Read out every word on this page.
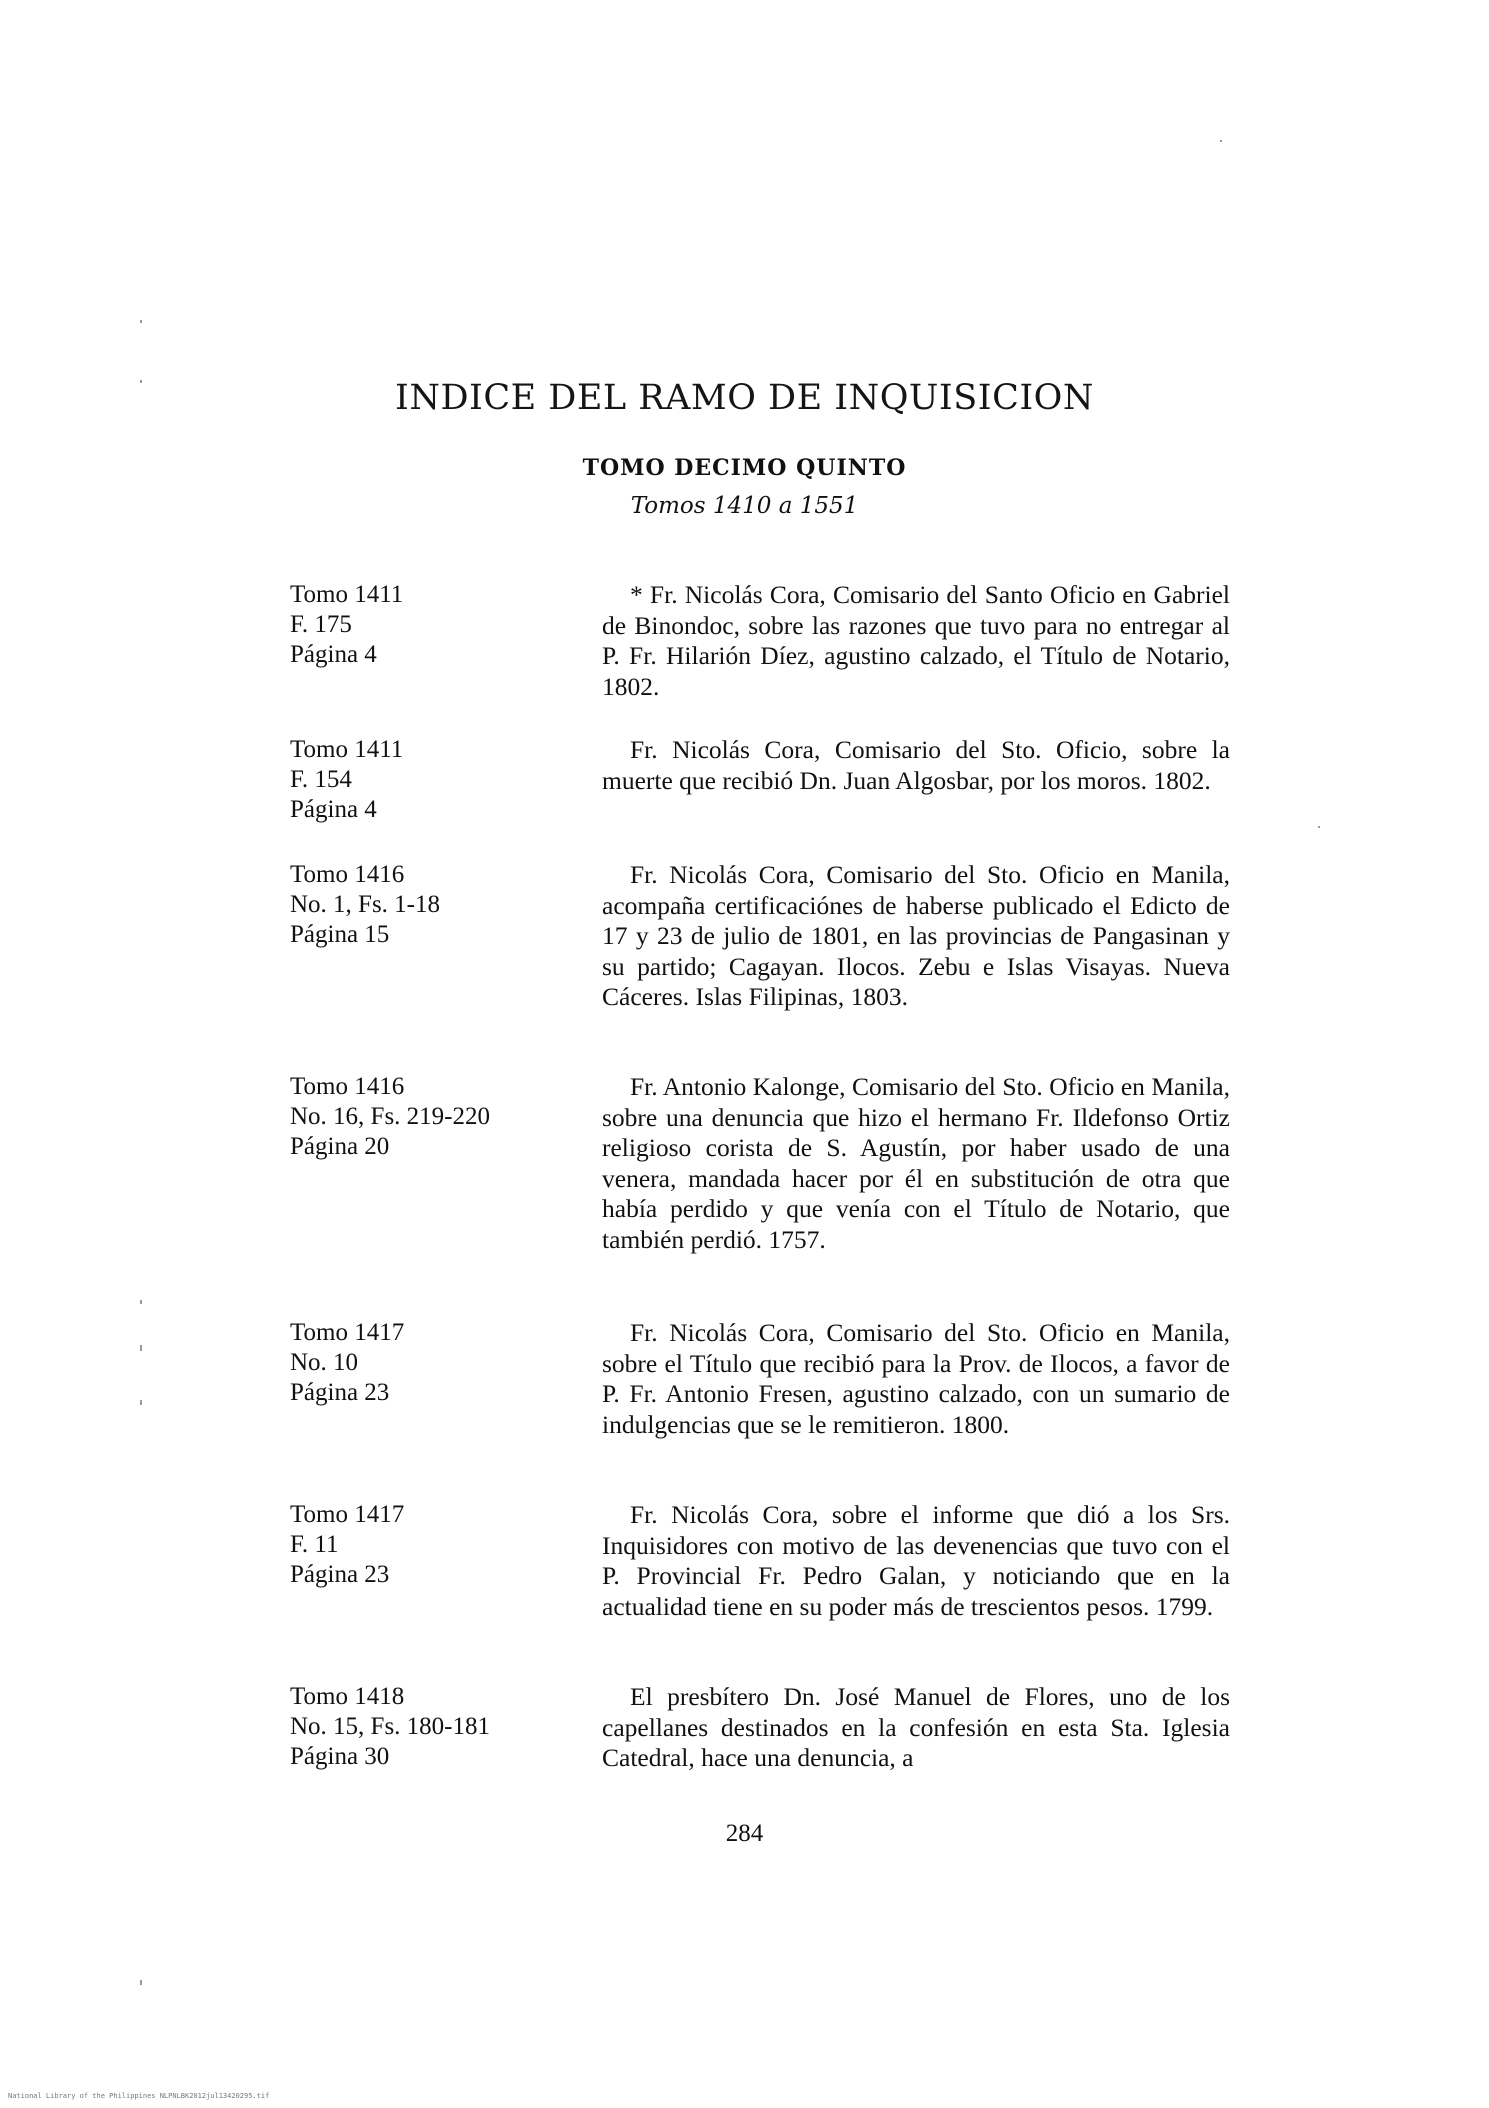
INDICE DEL RAMO DE INQUISICION
TOMO DECIMO QUINTO
Tomos 1410 a 1551
Tomo 1411
F. 175
Página 4
* Fr. Nicolás Cora, Comisario del Santo Oficio en Gabriel de Binondoc, sobre las razones que tuvo para no entregar al P. Fr. Hilarión Díez, agustino calzado, el Título de Notario, 1802.
Tomo 1411
F. 154
Página 4
Fr. Nicolás Cora, Comisario del Sto. Oficio, sobre la muerte que recibió Dn. Juan Algosbar, por los moros. 1802.
Tomo 1416
No. 1, Fs. 1-18
Página 15
Fr. Nicolás Cora, Comisario del Sto. Oficio en Manila, acompaña certificaciónes de haberse publicado el Edicto de 17 y 23 de julio de 1801, en las provincias de Pangasinan y su partido; Cagayan. Ilocos. Zebu e Islas Visayas. Nueva Cáceres. Islas Filipinas, 1803.
Tomo 1416
No. 16, Fs. 219-220
Página 20
Fr. Antonio Kalonge, Comisario del Sto. Oficio en Manila, sobre una denuncia que hizo el hermano Fr. Ildefonso Ortiz religioso corista de S. Agustín, por haber usado de una venera, mandada hacer por él en substitución de otra que había perdido y que venía con el Título de Notario, que también perdió. 1757.
Tomo 1417
No. 10
Página 23
Fr. Nicolás Cora, Comisario del Sto. Oficio en Manila, sobre el Título que recibió para la Prov. de Ilocos, a favor de P. Fr. Antonio Fresen, agustino calzado, con un sumario de indulgencias que se le remitieron. 1800.
Tomo 1417
F. 11
Página 23
Fr. Nicolás Cora, sobre el informe que dió a los Srs. Inquisidores con motivo de las devenencias que tuvo con el P. Provincial Fr. Pedro Galan, y noticiando que en la actualidad tiene en su poder más de trescientos pesos. 1799.
Tomo 1418
No. 15, Fs. 180-181
Página 30
El presbítero Dn. José Manuel de Flores, uno de los capellanes destinados en la confesión en esta Sta. Iglesia Catedral, hace una denuncia, a
284
National Library of the Philippines NLPNLBK2012jul13420295.tif
